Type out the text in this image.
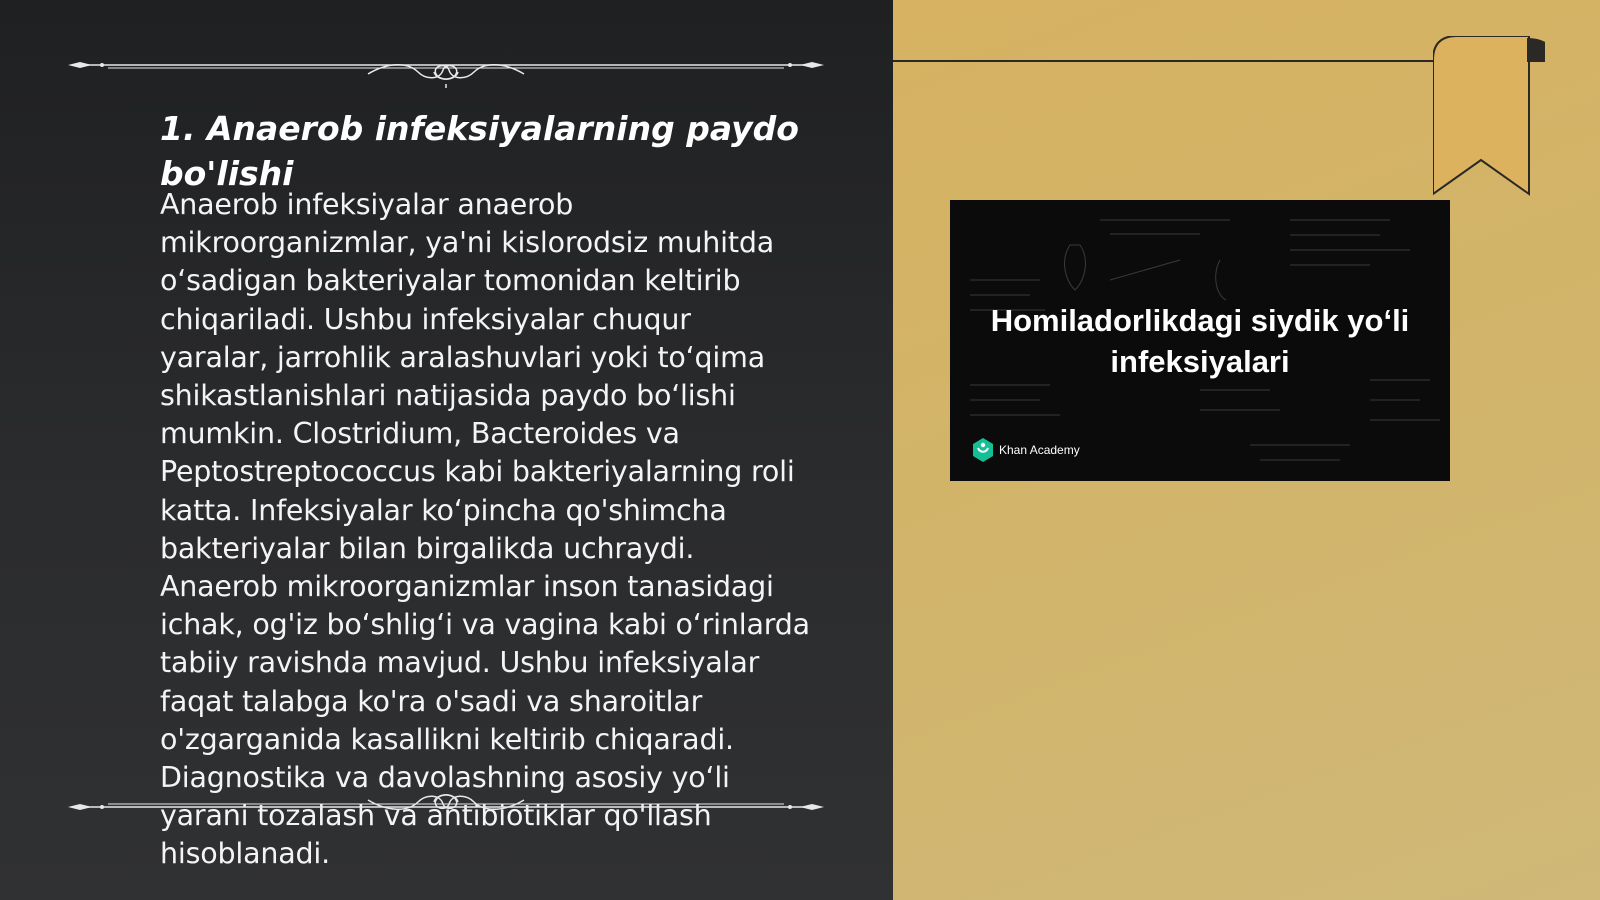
1. Anaerob infeksiyalarning paydo bo'lishi

Anaerob infeksiyalar anaerob
mikroorganizmlar, ya'ni kislorodsiz muhitda
o‘sadigan bakteriyalar tomonidan keltirib
chiqariladi. Ushbu infeksiyalar chuqur
yaralar, jarrohlik aralashuvlari yoki to‘qima
shikastlanishlari natijasida paydo bo‘lishi
mumkin. Clostridium, Bacteroides va
Peptostreptococcus kabi bakteriyalarning roli
katta. Infeksiyalar ko‘pincha qo'shimcha
bakteriyalar bilan birgalikda uchraydi.
Anaerob mikroorganizmlar inson tanasidagi
ichak, og'iz bo‘shlig‘i va vagina kabi o‘rinlarda
tabiiy ravishda mavjud. Ushbu infeksiyalar
faqat talabga ko'ra o'sadi va sharoitlar
o'zgarganida kasallikni keltirib chiqaradi.
Diagnostika va davolashning asosiy yo‘li
yarani tozalash va antibiotiklar qo'llash
hisoblanadi.

Homiladorlikdagi siydik yo‘li infeksiyalari

Khan Academy
